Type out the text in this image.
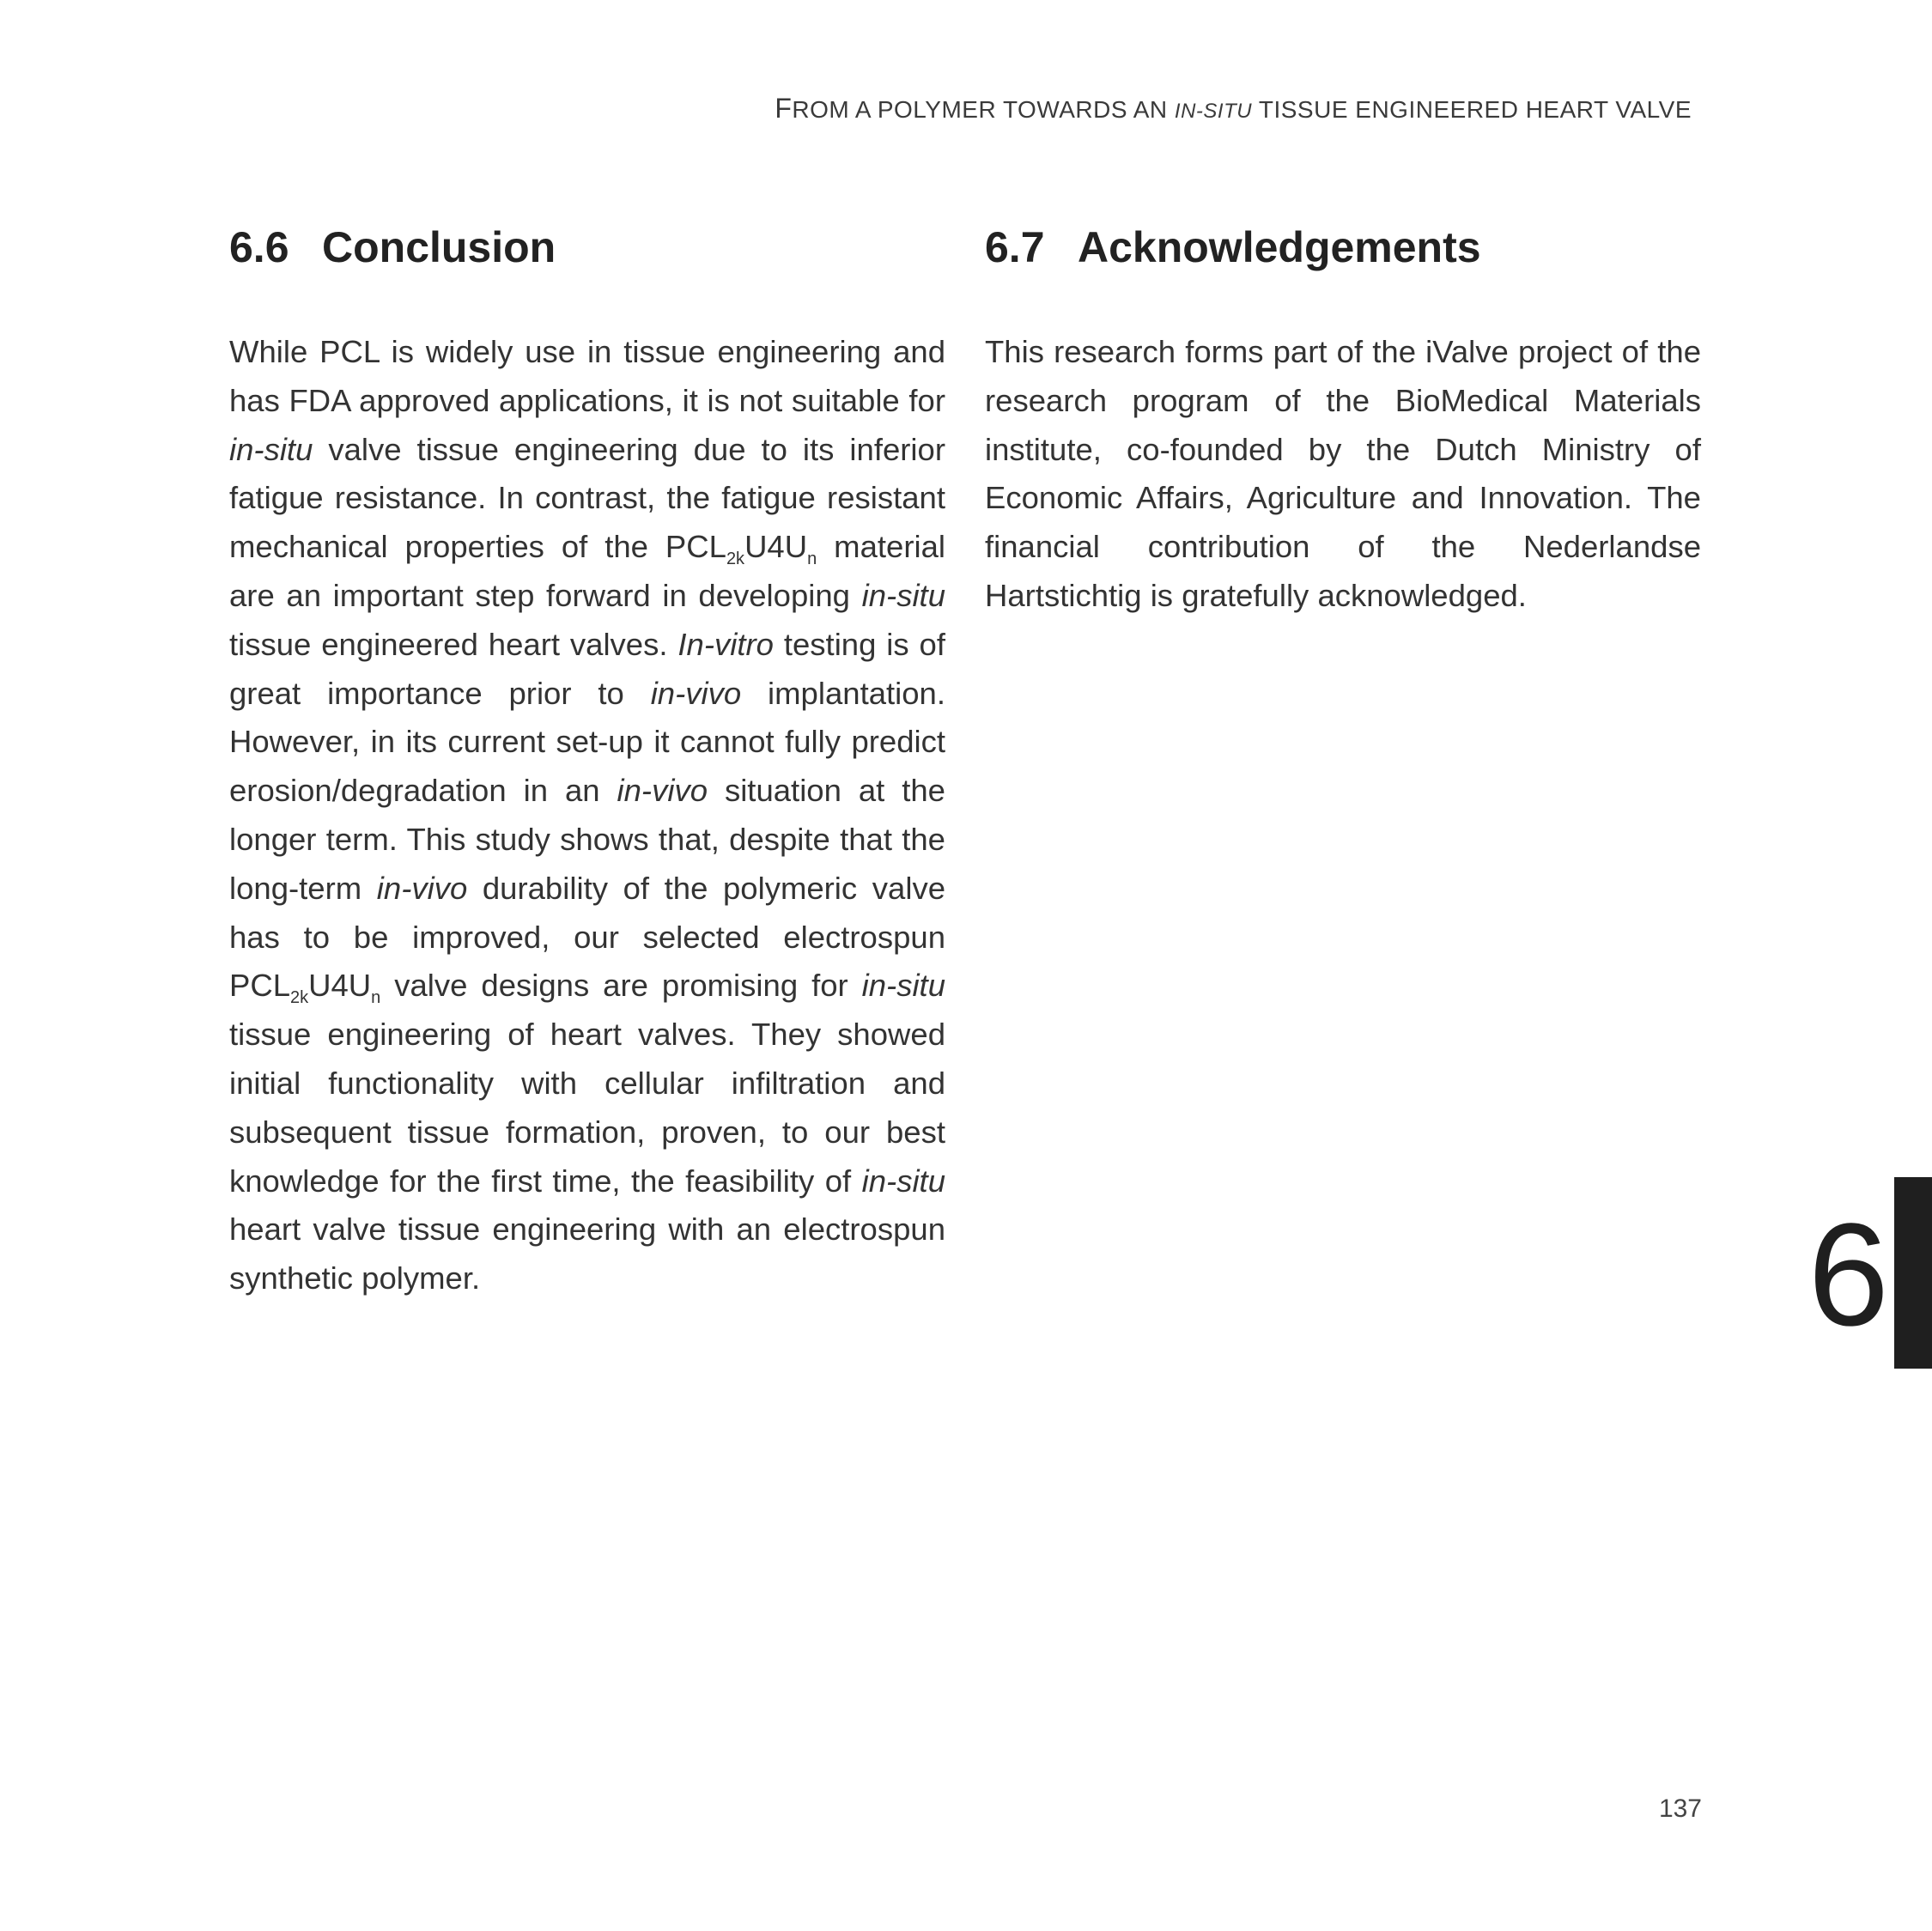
FROM A POLYMER TOWARDS AN IN-SITU TISSUE ENGINEERED HEART VALVE
6.6 Conclusion

While PCL is widely use in tissue engineering and has FDA approved applications, it is not suitable for in-situ valve tissue engineering due to its inferior fatigue resistance. In contrast, the fatigue resistant mechanical properties of the $PCL_{2k}U4U_n$ material are an important step forward in developing in-situ tissue engineered heart valves. In-vitro testing is of great importance prior to in-vivo implantation. However, in its current set-up it cannot fully predict erosion/degradation in an in-vivo situation at the longer term. This study shows that, despite that the long-term in-vivo durability of the polymeric valve has to be improved, our selected electrospun $PCL_{2k}U4U_n$ valve designs are promising for in-situ tissue engineering of heart valves. They showed initial functionality with cellular infiltration and subsequent tissue formation, proven, to our best knowledge for the first time, the feasibility of in-situ heart valve tissue engineering with an electrospun synthetic polymer.

6.7 Acknowledgements

This research forms part of the iValve project of the research program of the BioMedical Materials institute, co-founded by the Dutch Ministry of Economic Affairs, Agriculture and Innovation. The financial contribution of the Nederlandse Hartstichtig is gratefully acknowledged.

6
137
